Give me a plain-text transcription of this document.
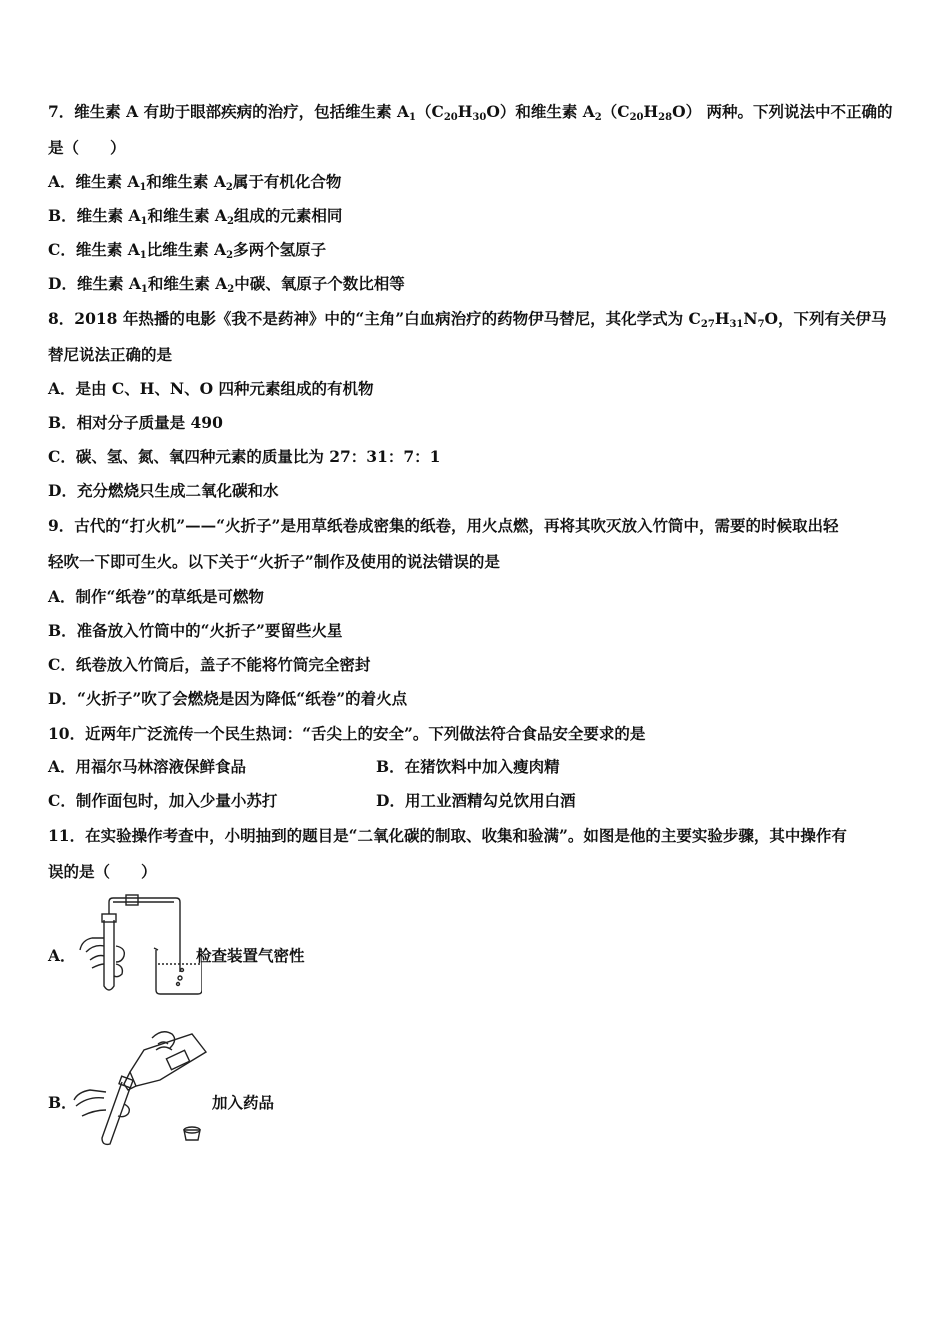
7．维生素 A 有助于眼部疾病的治疗，包括维生素 $A_1(C_{20}H_{30}O)$和维生素 $A_2(C_{20}H_{28}O)$ 两种。下列说法中不正确的
是（　　）
A．维生素 $A_1$和维生素 $A_2$属于有机化合物
B．维生素 $A_1$和维生素 $A_2$组成的元素相同
C．维生素 $A_1$比维生素 $A_2$多两个氢原子
D．维生素 $A_1$和维生素 $A_2$中碳、氧原子个数比相等
8．2018 年热播的电影《我不是药神》中的“主角”白血病治疗的药物伊马替尼，其化学式为 $C_{27}H_{31}N_7O$，下列有关伊马
替尼说法正确的是
A．是由 C、H、N、O 四种元素组成的有机物
B．相对分子质量是 490
C．碳、氢、氮、氧四种元素的质量比为 27：31：7：1
D．充分燃烧只生成二氧化碳和水
9．古代的“打火机”——“火折子”是用草纸卷成密集的纸卷，用火点燃，再将其吹灭放入竹筒中，需要的时候取出轻
轻吹一下即可生火。以下关于“火折子”制作及使用的说法错误的是
A．制作“纸卷”的草纸是可燃物
B．准备放入竹筒中的“火折子”要留些火星
C．纸卷放入竹筒后，盖子不能将竹筒完全密封
D．“火折子”吹了会燃烧是因为降低“纸卷”的着火点
10．近两年广泛流传一个民生热词：“舌尖上的安全”。下列做法符合食品安全要求的是
A．用福尔马林溶液保鲜食品	B．在猪饮料中加入瘦肉精
C．制作面包时，加入少量小苏打	D．用工业酒精勾兑饮用白酒
11．在实验操作考查中，小明抽到的题目是“二氧化碳的制取、收集和验满”。如图是他的主要实验步骤，其中操作有
误的是（　　）
A．	检查装置气密性
B．	加入药品
